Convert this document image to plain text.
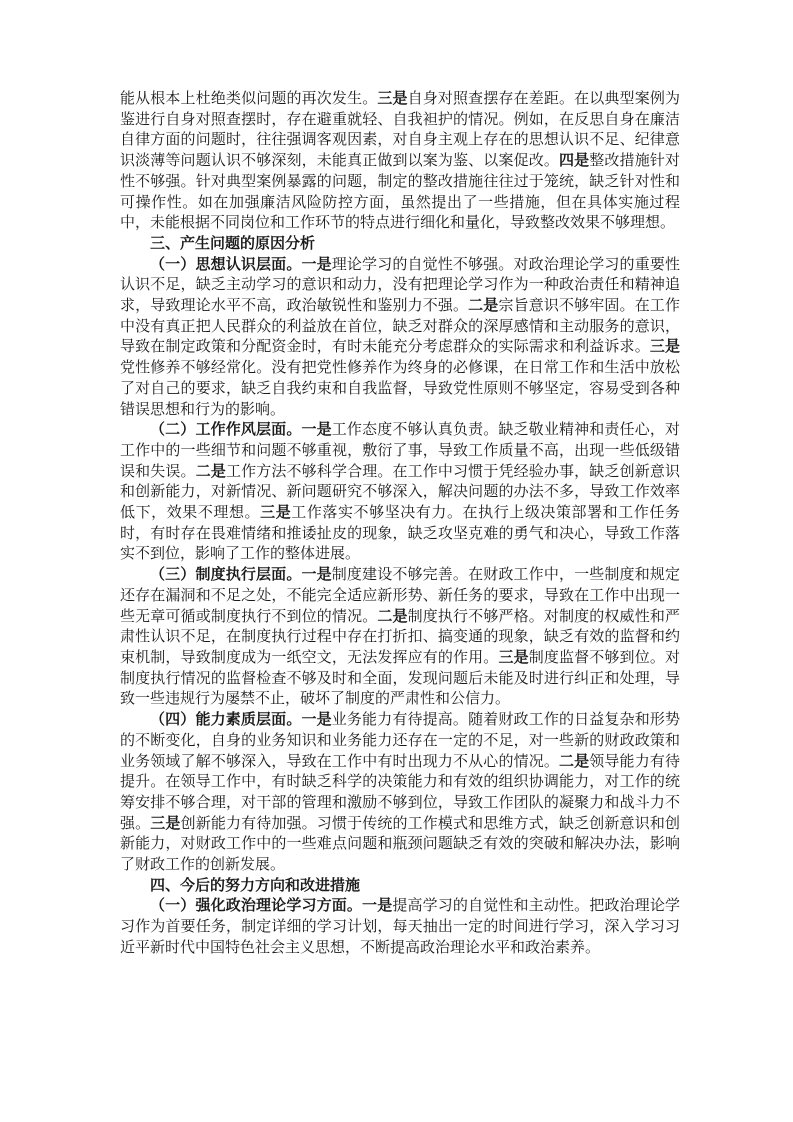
能从根本上杜绝类似问题的再次发生。三是自身对照查摆存在差距。在以典型案例为鉴进行自身对照查摆时，存在避重就轻、自我袒护的情况。例如，在反思自身在廉洁自律方面的问题时，往往强调客观因素，对自身主观上存在的思想认识不足、纪律意识淡薄等问题认识不够深刻，未能真正做到以案为鉴、以案促改。四是整改措施针对性不够强。针对典型案例暴露的问题，制定的整改措施往往过于笼统，缺乏针对性和可操作性。如在加强廉洁风险防控方面，虽然提出了一些措施，但在具体实施过程中，未能根据不同岗位和工作环节的特点进行细化和量化，导致整改效果不够理想。

三、产生问题的原因分析

（一）思想认识层面。一是理论学习的自觉性不够强。对政治理论学习的重要性认识不足，缺乏主动学习的意识和动力，没有把理论学习作为一种政治责任和精神追求，导致理论水平不高，政治敏锐性和鉴别力不强。二是宗旨意识不够牢固。在工作中没有真正把人民群众的利益放在首位，缺乏对群众的深厚感情和主动服务的意识，导致在制定政策和分配资金时，有时未能充分考虑群众的实际需求和利益诉求。三是党性修养不够经常化。没有把党性修养作为终身的必修课，在日常工作和生活中放松了对自己的要求，缺乏自我约束和自我监督，导致党性原则不够坚定，容易受到各种错误思想和行为的影响。

（二）工作作风层面。一是工作态度不够认真负责。缺乏敬业精神和责任心，对工作中的一些细节和问题不够重视，敷衍了事，导致工作质量不高，出现一些低级错误和失误。二是工作方法不够科学合理。在工作中习惯于凭经验办事，缺乏创新意识和创新能力，对新情况、新问题研究不够深入，解决问题的办法不多，导致工作效率低下，效果不理想。三是工作落实不够坚决有力。在执行上级决策部署和工作任务时，有时存在畏难情绪和推诿扯皮的现象，缺乏攻坚克难的勇气和决心，导致工作落实不到位，影响了工作的整体进展。

（三）制度执行层面。一是制度建设不够完善。在财政工作中，一些制度和规定还存在漏洞和不足之处，不能完全适应新形势、新任务的要求，导致在工作中出现一些无章可循或制度执行不到位的情况。二是制度执行不够严格。对制度的权威性和严肃性认识不足，在制度执行过程中存在打折扣、搞变通的现象，缺乏有效的监督和约束机制，导致制度成为一纸空文，无法发挥应有的作用。三是制度监督不够到位。对制度执行情况的监督检查不够及时和全面，发现问题后未能及时进行纠正和处理，导致一些违规行为屡禁不止，破坏了制度的严肃性和公信力。

（四）能力素质层面。一是业务能力有待提高。随着财政工作的日益复杂和形势的不断变化，自身的业务知识和业务能力还存在一定的不足，对一些新的财政政策和业务领域了解不够深入，导致在工作中有时出现力不从心的情况。二是领导能力有待提升。在领导工作中，有时缺乏科学的决策能力和有效的组织协调能力，对工作的统筹安排不够合理，对干部的管理和激励不够到位，导致工作团队的凝聚力和战斗力不强。三是创新能力有待加强。习惯于传统的工作模式和思维方式，缺乏创新意识和创新能力，对财政工作中的一些难点问题和瓶颈问题缺乏有效的突破和解决办法，影响了财政工作的创新发展。

四、今后的努力方向和改进措施

（一）强化政治理论学习方面。一是提高学习的自觉性和主动性。把政治理论学习作为首要任务，制定详细的学习计划，每天抽出一定的时间进行学习，深入学习习近平新时代中国特色社会主义思想，不断提高政治理论水平和政治素养。
